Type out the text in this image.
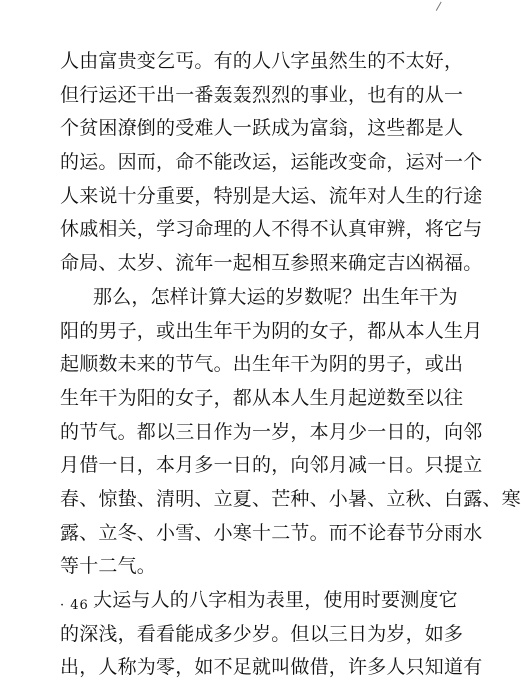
人由富贵变乞丐。有的人八字虽然生的不太好，
但行运还干出一番轰轰烈烈的事业，也有的从一
个贫困潦倒的受难人一跃成为富翁，这些都是人
的运。因而，命不能改运，运能改变命，运对一个
人来说十分重要，特别是大运、流年对人生的行途
休戚相关，学习命理的人不得不认真审辨，将它与
命局、太岁、流年一起相互参照来确定吉凶祸福。
那么，怎样计算大运的岁数呢？出生年干为
阳的男子，或出生年干为阴的女子，都从本人生月
起顺数未来的节气。出生年干为阴的男子，或出
生年干为阳的女子，都从本人生月起逆数至以往
的节气。都以三日作为一岁，本月少一日的，向邻
月借一日，本月多一日的，向邻月减一日。只提立
春、惊蛰、清明、立夏、芒种、小暑、立秋、白露、寒
露、立冬、小雪、小寒十二节。而不论春节分雨水
等十二气。
大运与人的八字相为表里，使用时要测度它
的深浅，看看能成多少岁。但以三日为岁，如多
出，人称为零，如不足就叫做借，许多人只知道有
· 46 ·
